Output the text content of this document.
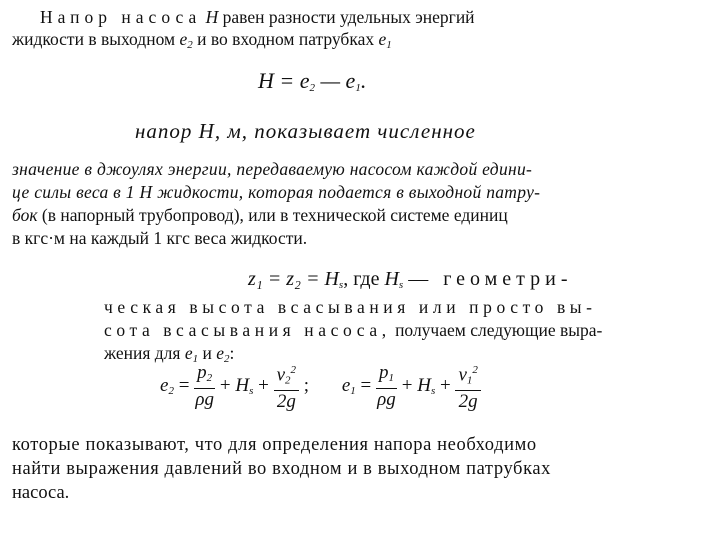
Напор насоса H равен разности удельных энергий
жидкости в выходном $e_2$ и во входном патрубках $e_1$
$H = e_2$ — $e_1$.
напор H, м, показывает численное
значение в джоулях энергии, передаваемую насосом каждой едини-
це силы веса в 1 Н жидкости, которая подается в выходной патру-
бок (в напорный трубопровод), или в технической системе единиц
в кгс·м на каждый 1 кгс веса жидкости.
$z_1 = z_2 = H_s$, где $H_s$ — геометри-
ческая высота всасывания или просто вы-
сота всасывания насоса, получаем следующие выра-
жения для $e_1$ и $e_2$:
$e_2 = \frac{p_2}{\rho g} + H_s + \frac{v_2^2}{2g}$ ; $e_1 = \frac{p_1}{\rho g} + H_s + \frac{v_1^2}{2g}$
которые показывают, что для определения напора необходимо
найти выражения давлений во входном и в выходном патрубках
насоса.
